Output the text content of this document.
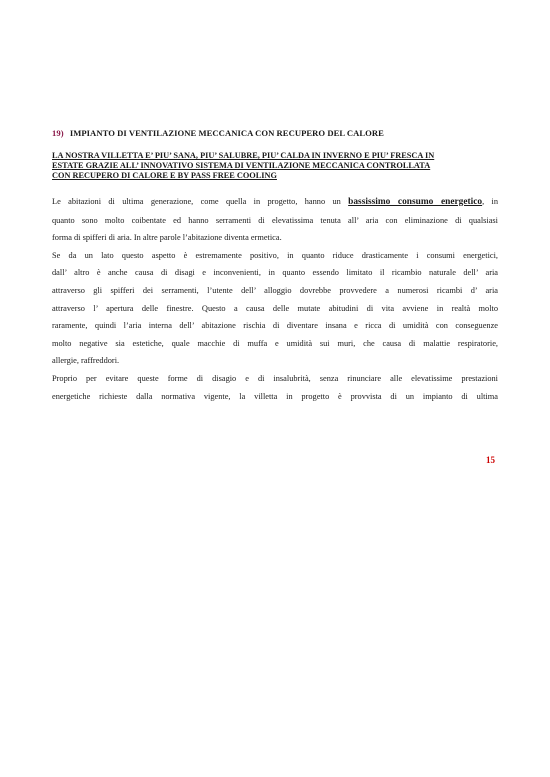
19) IMPIANTO DI VENTILAZIONE MECCANICA CON RECUPERO DEL CALORE
LA NOSTRA VILLETTA E’ PIU’ SANA, PIU’ SALUBRE, PIU’ CALDA IN INVERNO E PIU’ FRESCA IN
ESTATE GRAZIE ALL’ INNOVATIVO SISTEMA DI VENTILAZIONE MECCANICA CONTROLLATA
CON RECUPERO DI CALORE E BY PASS FREE COOLING
Le abitazioni di ultima generazione, come quella in progetto, hanno un bassissimo consumo energetico, in
quanto sono molto coibentate ed hanno serramenti di elevatissima tenuta all’ aria con eliminazione di qualsiasi
forma di spifferi di aria. In altre parole l’abitazione diventa ermetica.
Se da un lato questo aspetto è estremamente positivo, in quanto riduce drasticamente i consumi energetici,
dall’ altro è anche causa di disagi e inconvenienti, in quanto essendo limitato il ricambio naturale dell’ aria
attraverso gli spifferi dei serramenti, l’utente dell’ alloggio dovrebbe provvedere a numerosi ricambi d’ aria
attraverso l’ apertura delle finestre. Questo a causa delle mutate abitudini di vita avviene in realtà molto
raramente, quindi l’aria interna dell’ abitazione rischia di diventare insana e ricca di umidità con conseguenze
molto negative sia estetiche, quale macchie di muffa e umidità sui muri, che causa di malattie respiratorie,
allergie, raffreddori.
Proprio per evitare queste forme di disagio e di insalubrità, senza rinunciare alle elevatissime prestazioni
energetiche richieste dalla normativa vigente, la villetta in progetto è provvista di un impianto di ultima
15
